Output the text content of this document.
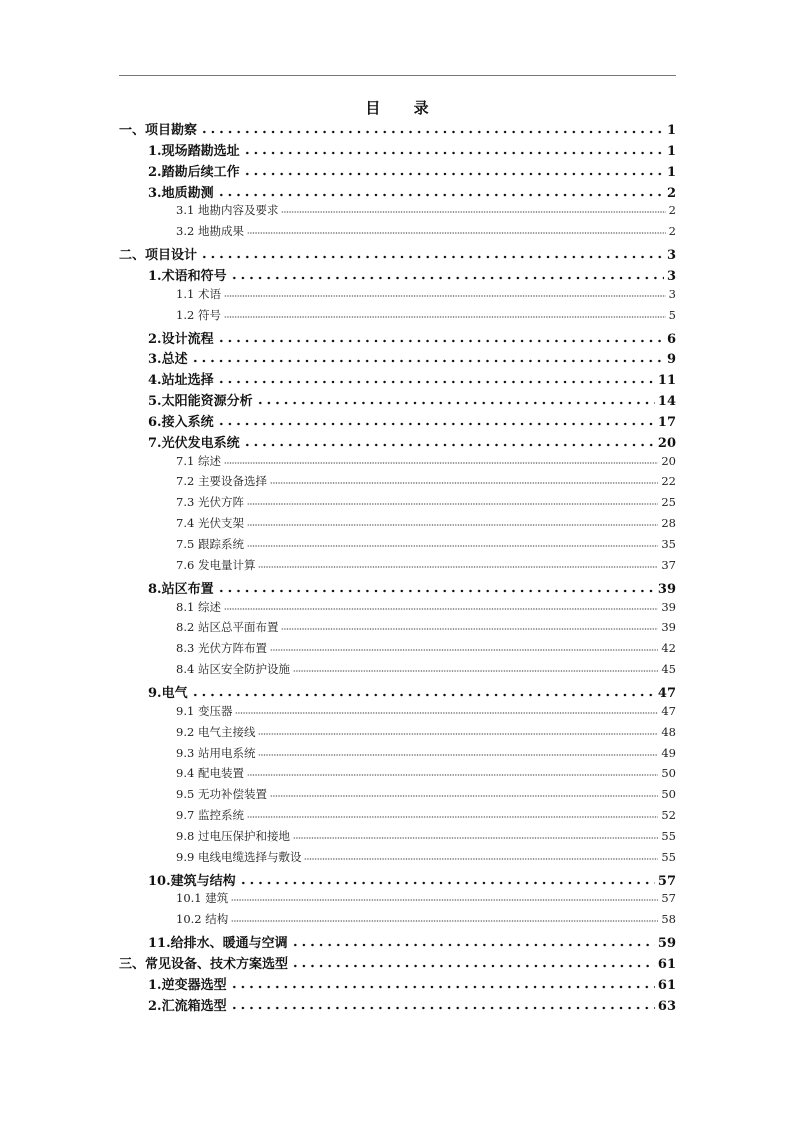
目 录
一、项目勘察	1
1.现场踏勘选址	1
2.踏勘后续工作	1
3.地质勘测	2
3.1 地勘内容及要求	2
3.2 地勘成果	2
二、项目设计	3
1.术语和符号	3
1.1 术语	3
1.2 符号	5
2.设计流程	6
3.总述	9
4.站址选择	11
5.太阳能资源分析	14
6.接入系统	17
7.光伏发电系统	20
7.1 综述	20
7.2 主要设备选择	22
7.3 光伏方阵	25
7.4 光伏支架	28
7.5 跟踪系统	35
7.6 发电量计算	37
8.站区布置	39
8.1 综述	39
8.2 站区总平面布置	39
8.3 光伏方阵布置	42
8.4 站区安全防护设施	45
9.电气	47
9.1 变压器	47
9.2 电气主接线	48
9.3 站用电系统	49
9.4 配电装置	50
9.5 无功补偿装置	50
9.7 监控系统	52
9.8 过电压保护和接地	55
9.9 电线电缆选择与敷设	55
10.建筑与结构	57
10.1 建筑	57
10.2 结构	58
11.给排水、暖通与空调	59
三、常见设备、技术方案选型	61
1.逆变器选型	61
2.汇流箱选型	63
